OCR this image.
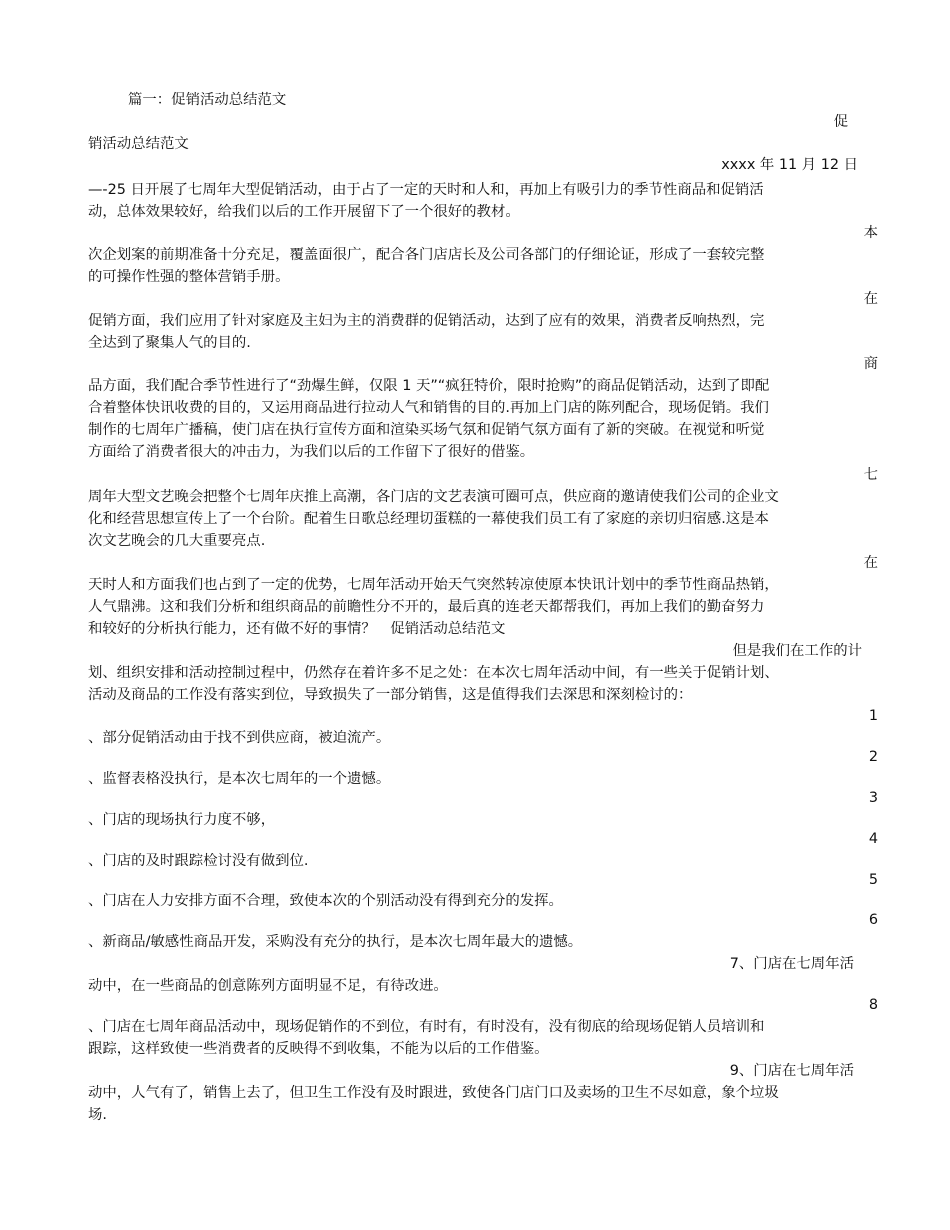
篇一：促销活动总结范文
促
销活动总结范文
xxxx 年 11 月 12 日
—-25 日开展了七周年大型促销活动，由于占了一定的天时和人和，再加上有吸引力的季节性商品和促销活
动，总体效果较好，给我们以后的工作开展留下了一个很好的教材。
本
次企划案的前期准备十分充足，覆盖面很广，配合各门店店长及公司各部门的仔细论证，形成了一套较完整
的可操作性强的整体营销手册。
在
促销方面，我们应用了针对家庭及主妇为主的消费群的促销活动，达到了应有的效果，消费者反响热烈，完
全达到了聚集人气的目的.
商
品方面，我们配合季节性进行了“劲爆生鲜，仅限 1 天”“疯狂特价，限时抢购”的商品促销活动，达到了即配
合着整体快讯收费的目的，又运用商品进行拉动人气和销售的目的.再加上门店的陈列配合，现场促销。我们
制作的七周年广播稿，使门店在执行宣传方面和渲染买场气氛和促销气氛方面有了新的突破。在视觉和听觉
方面给了消费者很大的冲击力，为我们以后的工作留下了很好的借鉴。
七
周年大型文艺晚会把整个七周年庆推上高潮，各门店的文艺表演可圈可点，供应商的邀请使我们公司的企业文
化和经营思想宣传上了一个台阶。配着生日歌总经理切蛋糕的一幕使我们员工有了家庭的亲切归宿感.这是本
次文艺晚会的几大重要亮点.
在
天时人和方面我们也占到了一定的优势，七周年活动开始天气突然转凉使原本快讯计划中的季节性商品热销，
人气鼎沸。这和我们分析和组织商品的前瞻性分不开的，最后真的连老天都帮我们，再加上我们的勤奋努力
和较好的分析执行能力，还有做不好的事情？　促销活动总结范文
但是我们在工作的计
划、组织安排和活动控制过程中，仍然存在着许多不足之处：在本次七周年活动中间，有一些关于促销计划、
活动及商品的工作没有落实到位，导致损失了一部分销售，这是值得我们去深思和深刻检讨的：
1
、部分促销活动由于找不到供应商，被迫流产。
2
、监督表格没执行，是本次七周年的一个遗憾。
3
、门店的现场执行力度不够，
4
、门店的及时跟踪检讨没有做到位.
5
、门店在人力安排方面不合理，致使本次的个别活动没有得到充分的发挥。
6
、新商品/敏感性商品开发，采购没有充分的执行，是本次七周年最大的遗憾。
7、门店在七周年活
动中，在一些商品的创意陈列方面明显不足，有待改进。
8
、门店在七周年商品活动中，现场促销作的不到位，有时有，有时没有，没有彻底的给现场促销人员培训和
跟踪，这样致使一些消费者的反映得不到收集，不能为以后的工作借鉴。
9、门店在七周年活
动中，人气有了，销售上去了，但卫生工作没有及时跟进，致使各门店门口及卖场的卫生不尽如意，象个垃圾
场.
